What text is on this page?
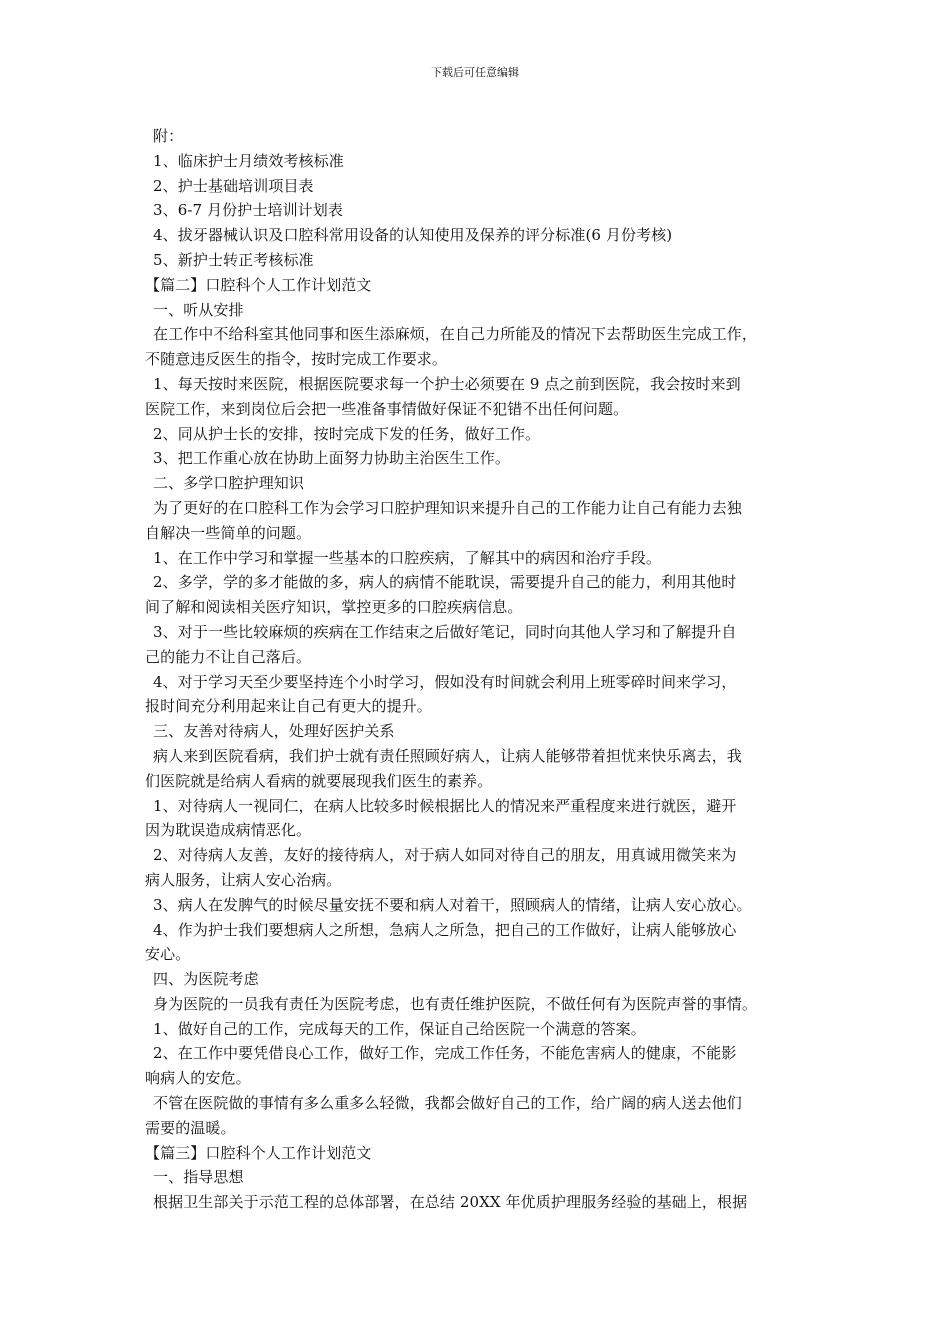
下载后可任意编辑
附：
1、临床护士月绩效考核标准
2、护士基础培训项目表
3、6-7 月份护士培训计划表
4、拔牙器械认识及口腔科常用设备的认知使用及保养的评分标准(6 月份考核)
5、新护士转正考核标准
【篇二】口腔科个人工作计划范文
一、听从安排
在工作中不给科室其他同事和医生添麻烦，在自己力所能及的情况下去帮助医生完成工作，
不随意违反医生的指令，按时完成工作要求。
1、每天按时来医院，根据医院要求每一个护士必须要在 9 点之前到医院，我会按时来到
医院工作，来到岗位后会把一些准备事情做好保证不犯错不出任何问题。
2、同从护士长的安排，按时完成下发的任务，做好工作。
3、把工作重心放在协助上面努力协助主治医生工作。
二、多学口腔护理知识
为了更好的在口腔科工作为会学习口腔护理知识来提升自己的工作能力让自己有能力去独
自解决一些简单的问题。
1、在工作中学习和掌握一些基本的口腔疾病，了解其中的病因和治疗手段。
2、多学，学的多才能做的多，病人的病情不能耽误，需要提升自己的能力，利用其他时
间了解和阅读相关医疗知识，掌控更多的口腔疾病信息。
3、对于一些比较麻烦的疾病在工作结束之后做好笔记，同时向其他人学习和了解提升自
己的能力不让自己落后。
4、对于学习天至少要坚持连个小时学习，假如没有时间就会利用上班零碎时间来学习，
报时间充分利用起来让自己有更大的提升。
三、友善对待病人，处理好医护关系
病人来到医院看病，我们护士就有责任照顾好病人，让病人能够带着担忧来快乐离去，我
们医院就是给病人看病的就要展现我们医生的素养。
1、对待病人一视同仁，在病人比较多时候根据比人的情况来严重程度来进行就医，避开
因为耽误造成病情恶化。
2、对待病人友善，友好的接待病人，对于病人如同对待自己的朋友，用真诚用微笑来为
病人服务，让病人安心治病。
3、病人在发脾气的时候尽量安抚不要和病人对着干，照顾病人的情绪，让病人安心放心。
4、作为护士我们要想病人之所想，急病人之所急，把自己的工作做好，让病人能够放心
安心。
四、为医院考虑
身为医院的一员我有责任为医院考虑，也有责任维护医院，不做任何有为医院声誉的事情。
1、做好自己的工作，完成每天的工作，保证自己给医院一个满意的答案。
2、在工作中要凭借良心工作，做好工作，完成工作任务，不能危害病人的健康，不能影
响病人的安危。
不管在医院做的事情有多么重多么轻微，我都会做好自己的工作，给广阔的病人送去他们
需要的温暖。
【篇三】口腔科个人工作计划范文
一、指导思想
根据卫生部关于示范工程的总体部署，在总结 20XX 年优质护理服务经验的基础上，根据
